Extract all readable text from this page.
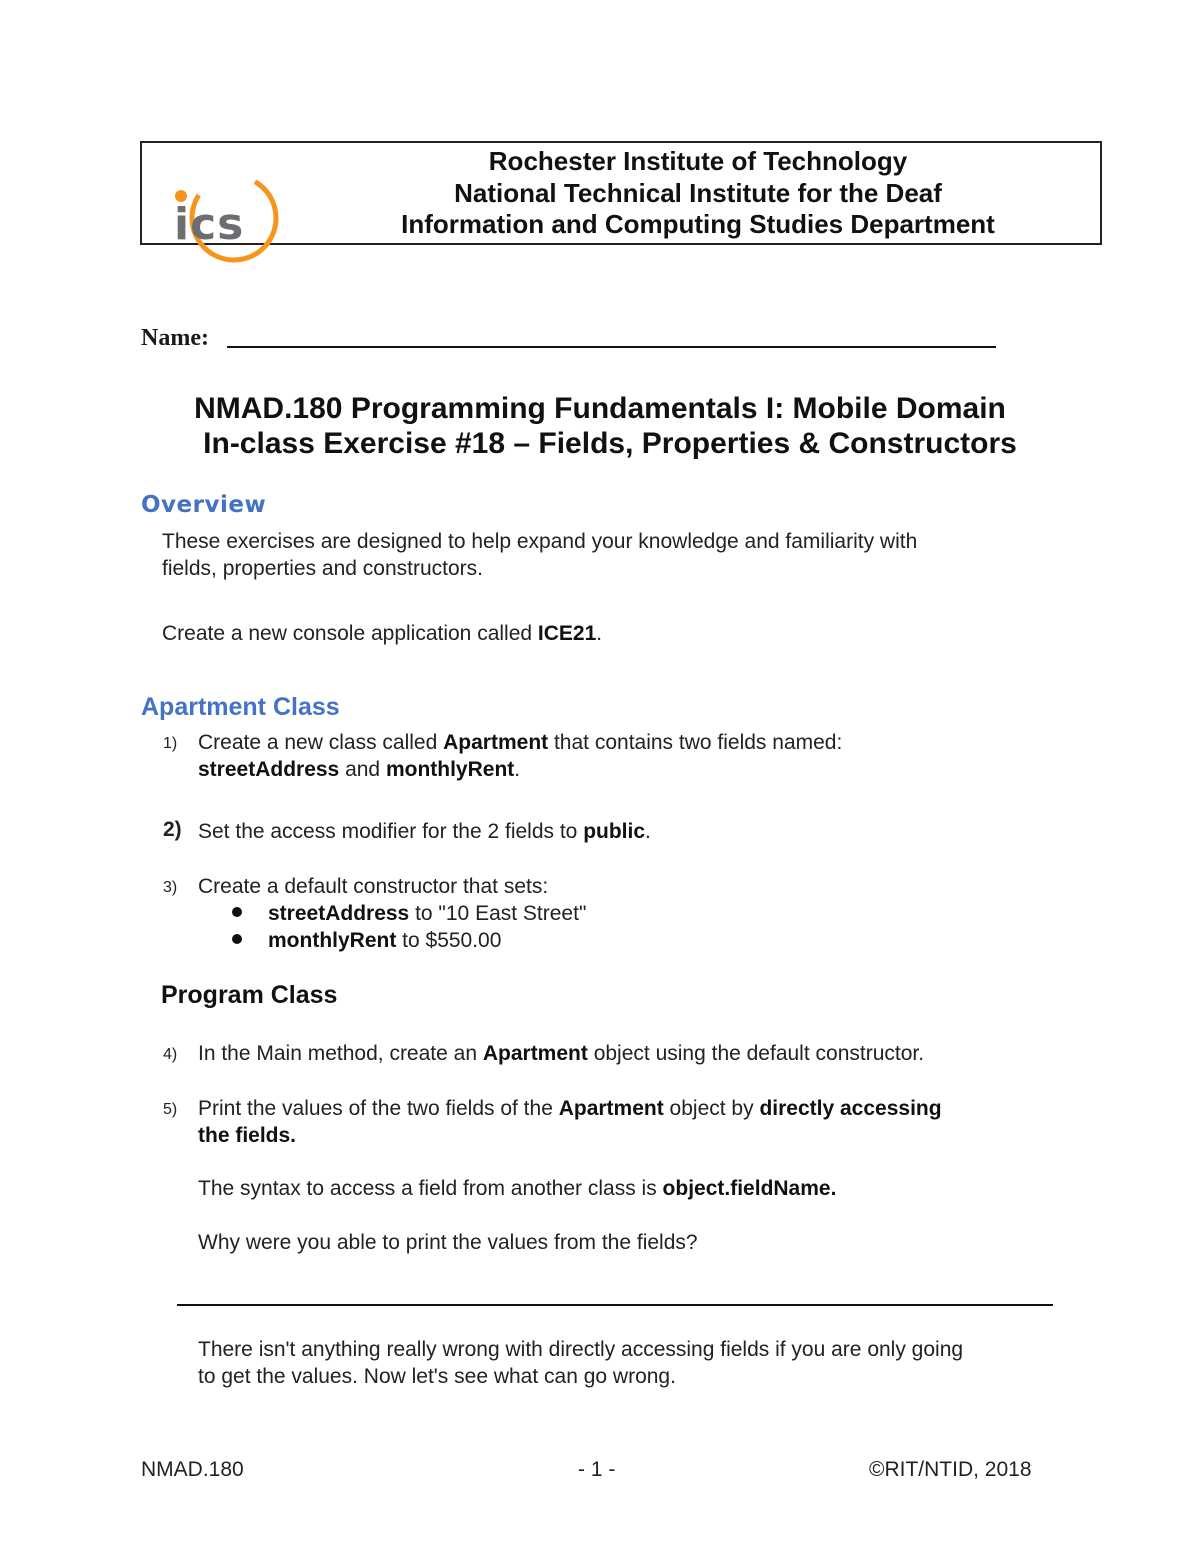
ics
Rochester Institute of Technology
National Technical Institute for the Deaf
Information and Computing Studies Department
Name:
NMAD.180 Programming Fundamentals I: Mobile Domain
In-class Exercise #18 – Fields, Properties & Constructors
Overview
These exercises are designed to help expand your knowledge and familiarity with
fields, properties and constructors.
Create a new console application called ICE21.
Apartment Class
1) Create a new class called Apartment that contains two fields named:
streetAddress and monthlyRent.
2) Set the access modifier for the 2 fields to public.
3) Create a default constructor that sets:
streetAddress to "10 East Street"
monthlyRent to $550.00
Program Class
4) In the Main method, create an Apartment object using the default constructor.
5) Print the values of the two fields of the Apartment object by directly accessing
the fields.
The syntax to access a field from another class is object.fieldName.
Why were you able to print the values from the fields?
There isn't anything really wrong with directly accessing fields if you are only going
to get the values. Now let's see what can go wrong.
NMAD.180	- 1 -	©RIT/NTID, 2018
